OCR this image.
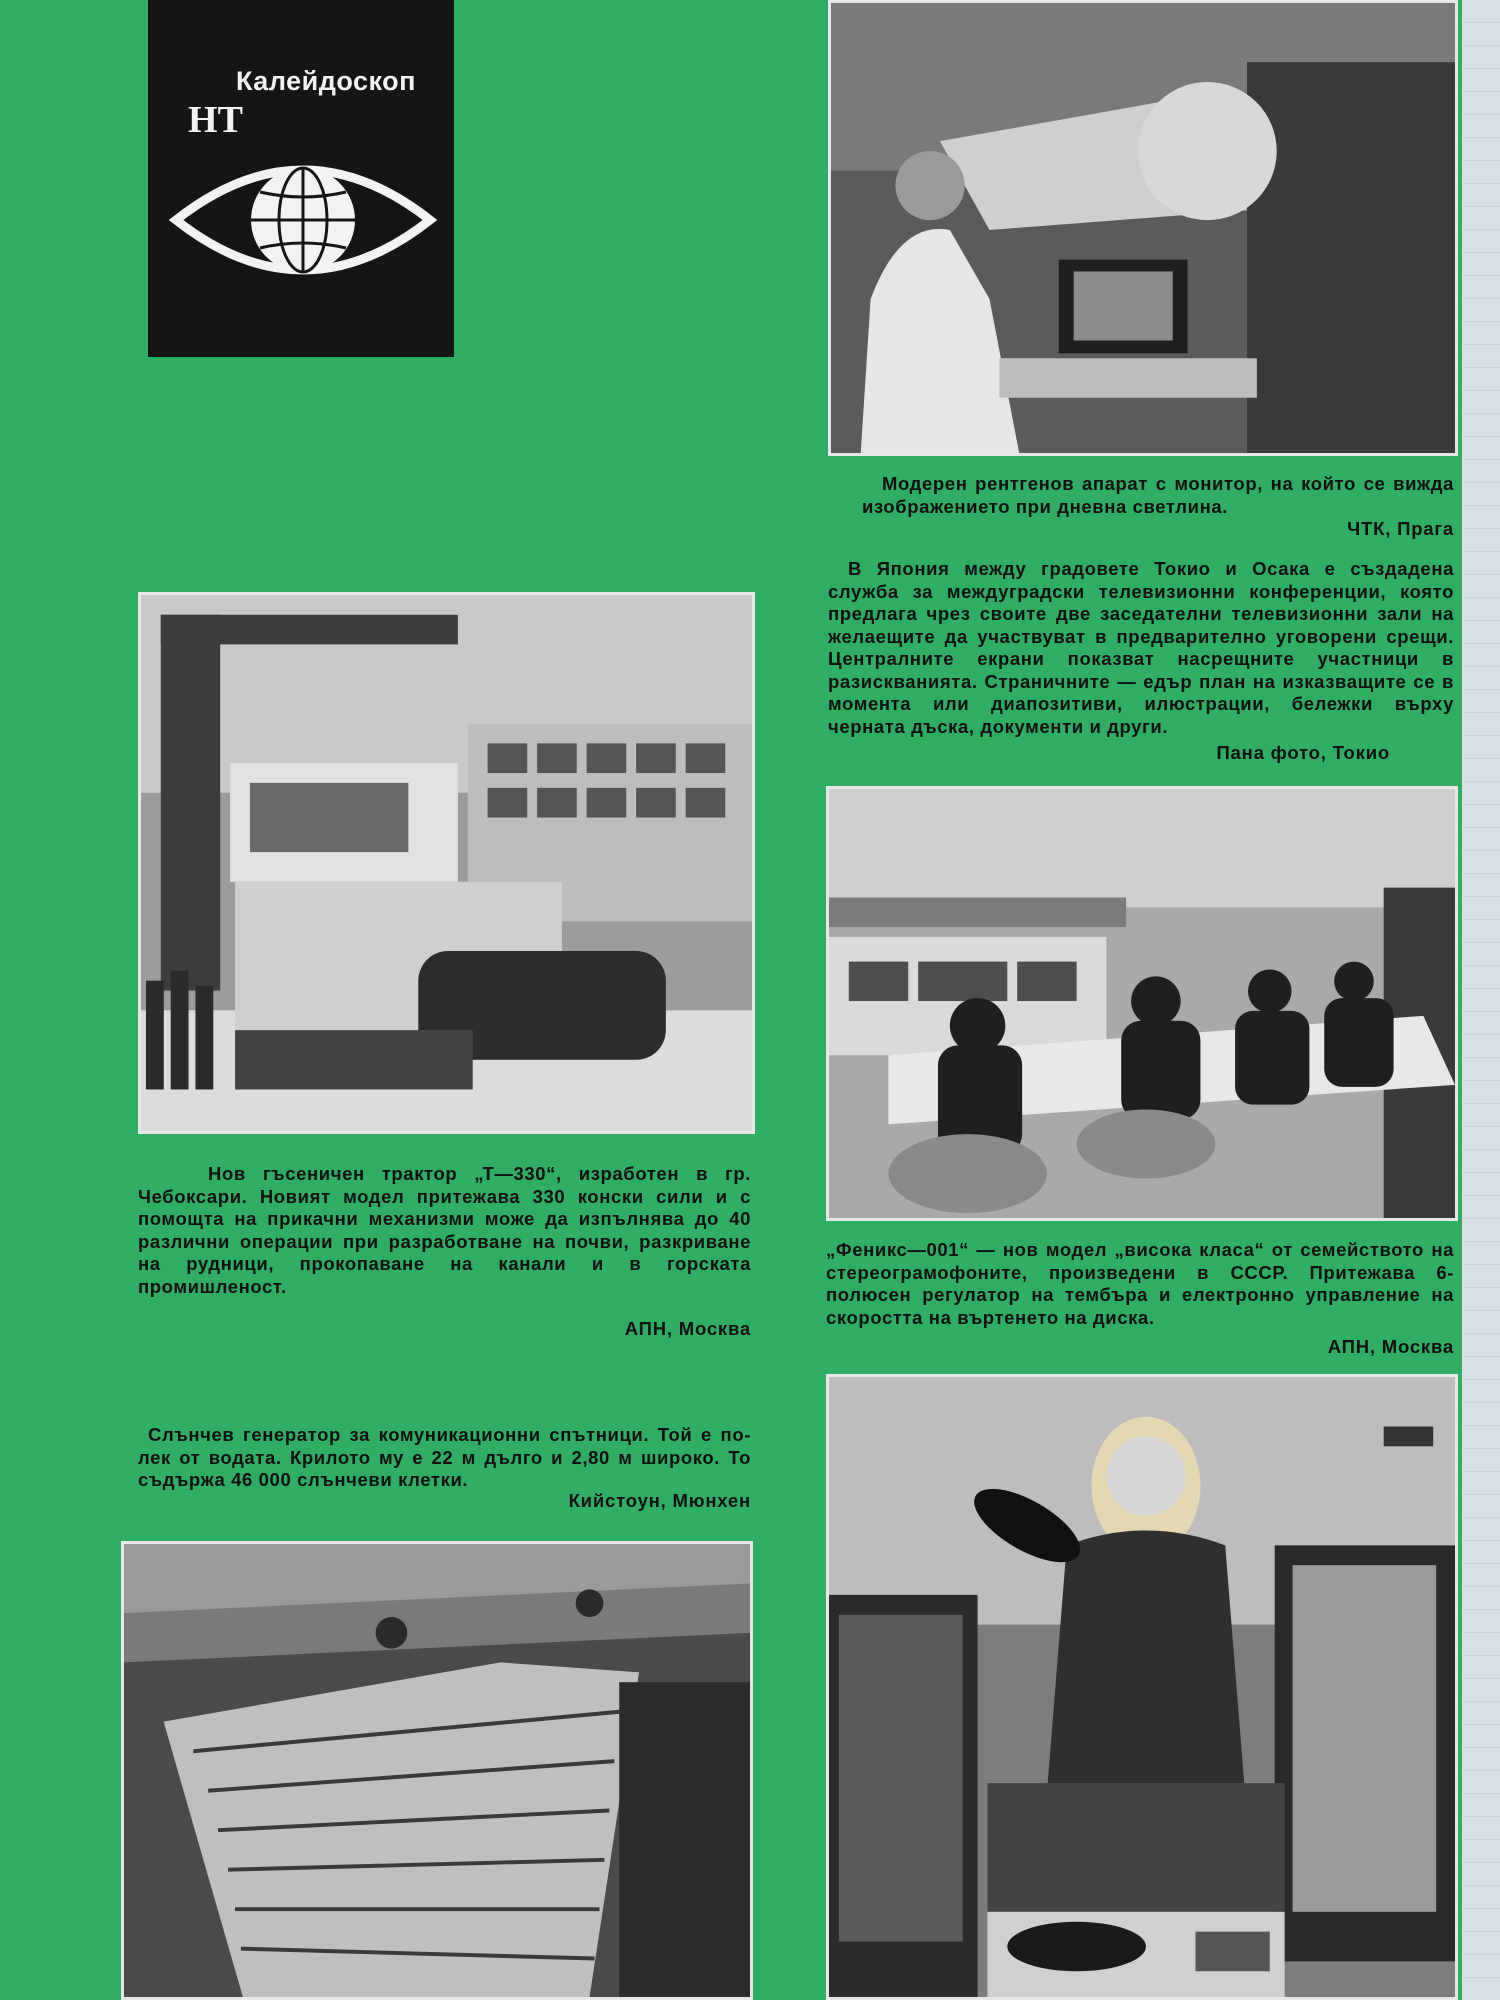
Калейдоскоп
НТ
Модерен рентгенов апарат с монитор, на който се вижда изображението при дневна светлина.
ЧТК, Прага
В Япония между градовете Токио и Осака е създадена служба за междуградски телевизионни конференции, която предлага чрез своите две заседателни телевизионни зали на желаещите да участвуват в предварително уговорени срещи. Централните екрани показват насрещните участници в разискванията. Страничните — едър план на изказващите се в момента или диапозитиви, илюстрации, бележки върху черната дъска, документи и други.
Пана фото, Токио
Нов гъсеничен трактор „Т—330“, изработен в гр. Чебоксари. Новият модел притежава 330 конски сили и с помощта на прикачни механизми може да изпълнява до 40 различни операции при разработване на почви, разкриване на рудници, прокопаване на канали и в горската промишленост.
АПН, Москва
„Феникс—001“ — нов модел „висока класа“ от семейството на стереограмофоните, произведени в СССР. Притежава 6-полюсен регулатор на тембъра и електронно управление на скоростта на въртенето на диска.
АПН, Москва
Слънчев генератор за комуникационни спътници. Той е по-лек от водата. Крилото му е 22 м дълго и 2,80 м широко. То съдържа 46 000 слънчеви клетки.
Кийстоун, Мюнхен
